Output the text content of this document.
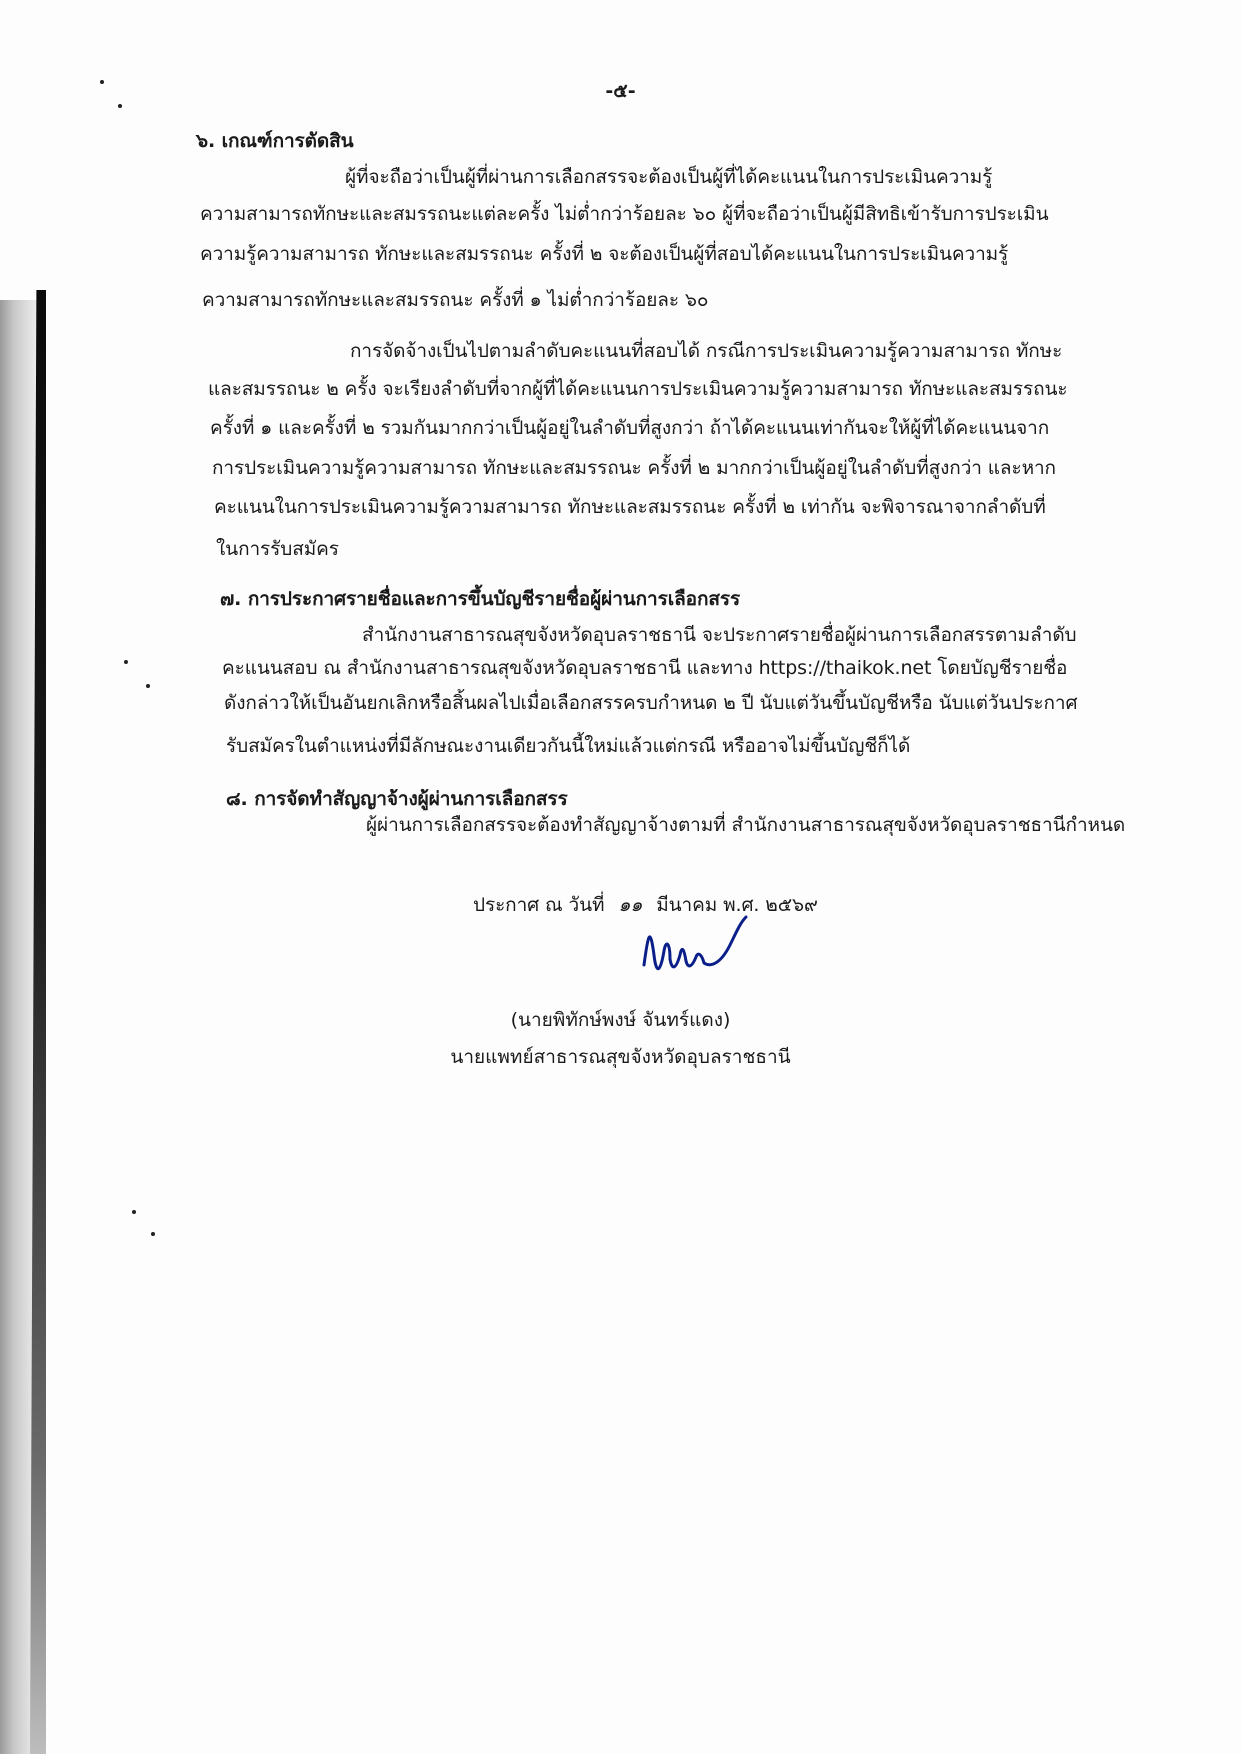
-๕-
๖. เกณฑ์การตัดสิน
ผู้ที่จะถือว่าเป็นผู้ที่ผ่านการเลือกสรรจะต้องเป็นผู้ที่ได้คะแนนในการประเมินความรู้
ความสามารถทักษะและสมรรถนะแต่ละครั้ง ไม่ต่ำกว่าร้อยละ ๖๐ ผู้ที่จะถือว่าเป็นผู้มีสิทธิเข้ารับการประเมิน
ความรู้ความสามารถ ทักษะและสมรรถนะ ครั้งที่ ๒ จะต้องเป็นผู้ที่สอบได้คะแนนในการประเมินความรู้
ความสามารถทักษะและสมรรถนะ ครั้งที่ ๑ ไม่ต่ำกว่าร้อยละ ๖๐
การจัดจ้างเป็นไปตามลำดับคะแนนที่สอบได้ กรณีการประเมินความรู้ความสามารถ ทักษะ
และสมรรถนะ ๒ ครั้ง จะเรียงลำดับที่จากผู้ที่ได้คะแนนการประเมินความรู้ความสามารถ ทักษะและสมรรถนะ
ครั้งที่ ๑ และครั้งที่ ๒ รวมกันมากกว่าเป็นผู้อยู่ในลำดับที่สูงกว่า ถ้าได้คะแนนเท่ากันจะให้ผู้ที่ได้คะแนนจาก
การประเมินความรู้ความสามารถ ทักษะและสมรรถนะ ครั้งที่ ๒ มากกว่าเป็นผู้อยู่ในลำดับที่สูงกว่า และหาก
คะแนนในการประเมินความรู้ความสามารถ ทักษะและสมรรถนะ ครั้งที่ ๒ เท่ากัน จะพิจารณาจากลำดับที่
ในการรับสมัคร
๗. การประกาศรายชื่อและการขึ้นบัญชีรายชื่อผู้ผ่านการเลือกสรร
สำนักงานสาธารณสุขจังหวัดอุบลราชธานี จะประกาศรายชื่อผู้ผ่านการเลือกสรรตามลำดับ
คะแนนสอบ ณ สำนักงานสาธารณสุขจังหวัดอุบลราชธานี และทาง https://thaikok.net โดยบัญชีรายชื่อ
ดังกล่าวให้เป็นอันยกเลิกหรือสิ้นผลไปเมื่อเลือกสรรครบกำหนด ๒ ปี นับแต่วันขึ้นบัญชีหรือ นับแต่วันประกาศ
รับสมัครในตำแหน่งที่มีลักษณะงานเดียวกันนี้ใหม่แล้วแต่กรณี หรืออาจไม่ขึ้นบัญชีก็ได้
๘. การจัดทำสัญญาจ้างผู้ผ่านการเลือกสรร
ผู้ผ่านการเลือกสรรจะต้องทำสัญญาจ้างตามที่ สำนักงานสาธารณสุขจังหวัดอุบลราชธานีกำหนด
ประกาศ ณ วันที่ ๑๑ มีนาคม พ.ศ. ๒๕๖๙
(นายพิทักษ์พงษ์ จันทร์แดง)
นายแพทย์สาธารณสุขจังหวัดอุบลราชธานี
